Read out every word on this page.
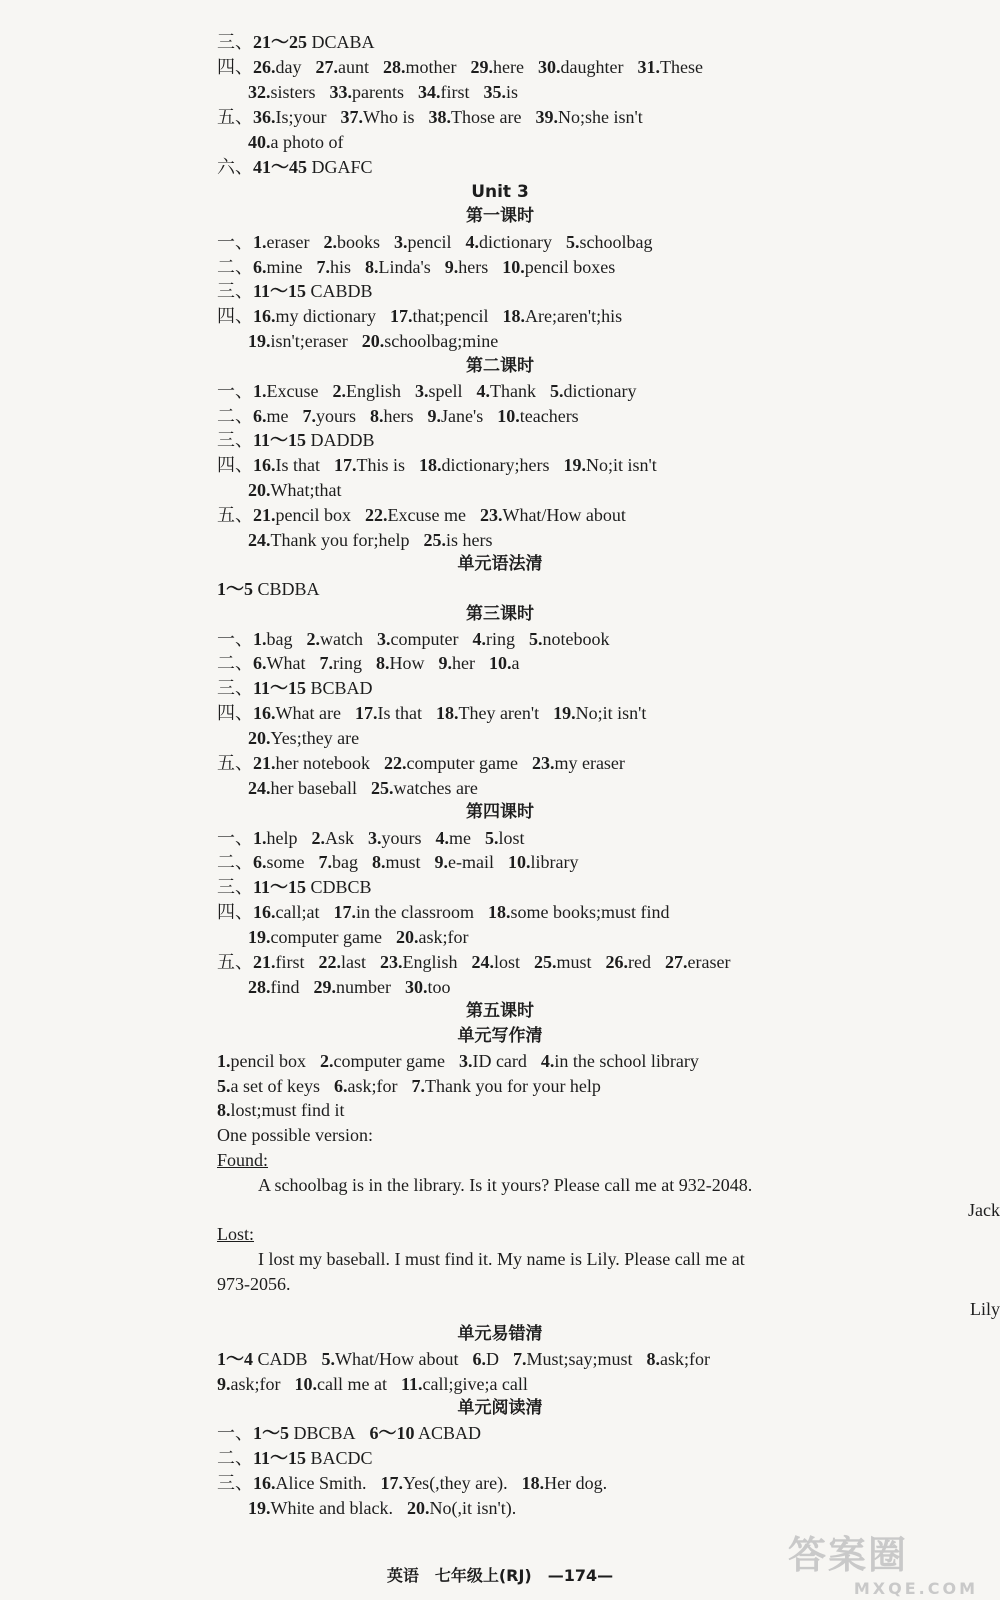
三、21～25 DCABA
四、26.day 27.aunt 28.mother 29.here 30.daughter 31.These
32.sisters 33.parents 34.first 35.is
五、36.Is;your 37.Who is 38.Those are 39.No;she isn't
40.a photo of
六、41～45 DGAFC
Unit 3
第一课时
一、1.eraser 2.books 3.pencil 4.dictionary 5.schoolbag
二、6.mine 7.his 8.Linda's 9.hers 10.pencil boxes
三、11～15 CABDB
四、16.my dictionary 17.that;pencil 18.Are;aren't;his
19.isn't;eraser 20.schoolbag;mine
第二课时
一、1.Excuse 2.English 3.spell 4.Thank 5.dictionary
二、6.me 7.yours 8.hers 9.Jane's 10.teachers
三、11～15 DADDB
四、16.Is that 17.This is 18.dictionary;hers 19.No;it isn't
20.What;that
五、21.pencil box 22.Excuse me 23.What/How about
24.Thank you for;help 25.is hers
单元语法清
1～5 CBDBA
第三课时
一、1.bag 2.watch 3.computer 4.ring 5.notebook
二、6.What 7.ring 8.How 9.her 10.a
三、11～15 BCBAD
四、16.What are 17.Is that 18.They aren't 19.No;it isn't
20.Yes;they are
五、21.her notebook 22.computer game 23.my eraser
24.her baseball 25.watches are
第四课时
一、1.help 2.Ask 3.yours 4.me 5.lost
二、6.some 7.bag 8.must 9.e-mail 10.library
三、11～15 CDBCB
四、16.call;at 17.in the classroom 18.some books;must find
19.computer game 20.ask;for
五、21.first 22.last 23.English 24.lost 25.must 26.red 27.eraser
28.find 29.number 30.too
第五课时
单元写作清
1.pencil box 2.computer game 3.ID card 4.in the school library
5.a set of keys 6.ask;for 7.Thank you for your help
8.lost;must find it
One possible version:
Found:
A schoolbag is in the library. Is it yours? Please call me at 932-2048.
Jack
Lost:
I lost my baseball. I must find it. My name is Lily. Please call me at
973-2056.
Lily
单元易错清
1～4 CADB 5.What/How about 6.D 7.Must;say;must 8.ask;for
9.ask;for 10.call me at 11.call;give;a call
单元阅读清
一、1～5 DBCBA 6～10 ACBAD
二、11～15 BACDC
三、16.Alice Smith. 17.Yes(,they are). 18.Her dog.
19.White and black. 20.No(,it isn't).
英语　七年级上(RJ)　—174—	答案圈
MXQE.COM
